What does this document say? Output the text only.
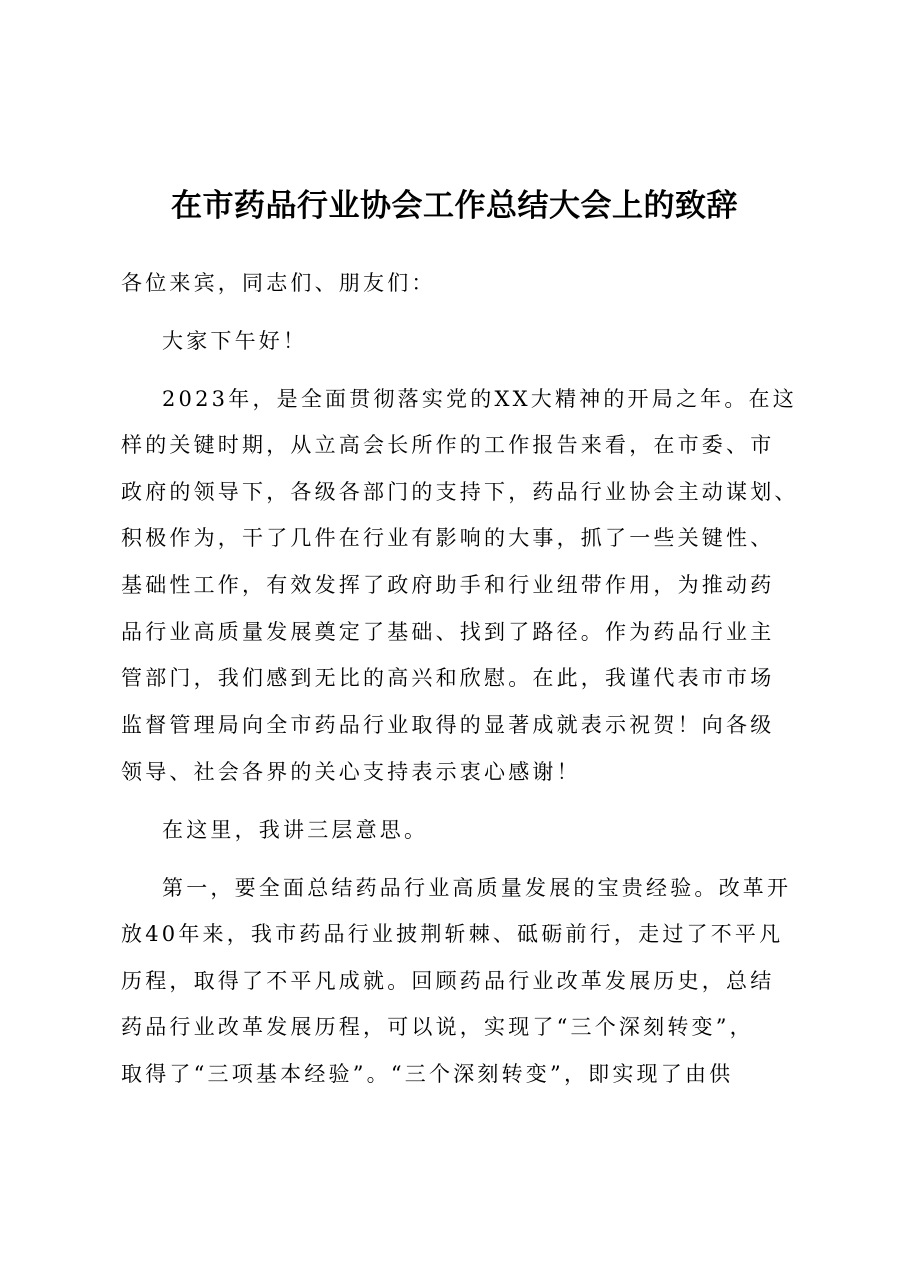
在市药品行业协会工作总结大会上的致辞
各位来宾，同志们、朋友们：
大家下午好！
2023年，是全面贯彻落实党的XX大精神的开局之年。在这
样的关键时期，从立高会长所作的工作报告来看，在市委、市
政府的领导下，各级各部门的支持下，药品行业协会主动谋划、
积极作为，干了几件在行业有影响的大事，抓了一些关键性、
基础性工作，有效发挥了政府助手和行业纽带作用，为推动药
品行业高质量发展奠定了基础、找到了路径。作为药品行业主
管部门，我们感到无比的高兴和欣慰。在此，我谨代表市市场
监督管理局向全市药品行业取得的显著成就表示祝贺！向各级
领导、社会各界的关心支持表示衷心感谢！
在这里，我讲三层意思。
第一，要全面总结药品行业高质量发展的宝贵经验。改革开
放40年来，我市药品行业披荆斩棘、砥砺前行，走过了不平凡
历程，取得了不平凡成就。回顾药品行业改革发展历史，总结
药品行业改革发展历程，可以说，实现了“三个深刻转变”，
取得了“三项基本经验”。“三个深刻转变”，即实现了由供
